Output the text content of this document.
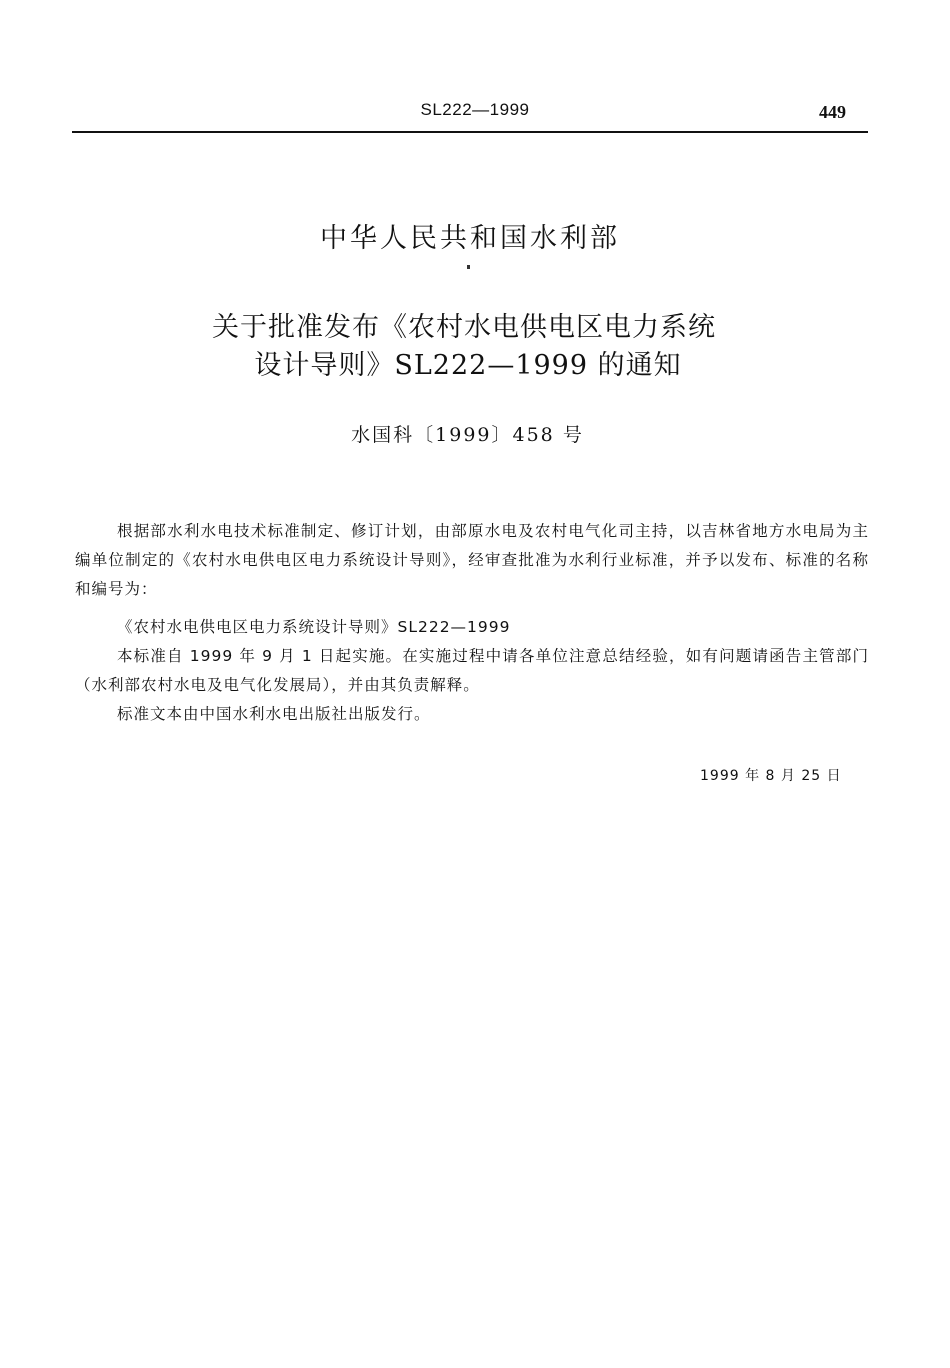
SL222—1999	449
中华人民共和国水利部
关于批准发布《农村水电供电区电力系统
设计导则》SL222—1999 的通知
水国科〔1999〕458 号

根据部水利水电技术标准制定、修订计划，由部原水电及农村电气化司主持，以吉林省地方水电局为主编单位制定的《农村水电供电区电力系统设计导则》，经审查批准为水利行业标准，并予以发布、标准的名称和编号为：

《农村水电供电区电力系统设计导则》SL222—1999

本标准自 1999 年 9 月 1 日起实施。在实施过程中请各单位注意总结经验，如有问题请函告主管部门（水利部农村水电及电气化发展局），并由其负责解释。

标准文本由中国水利水电出版社出版发行。

1999 年 8 月 25 日
